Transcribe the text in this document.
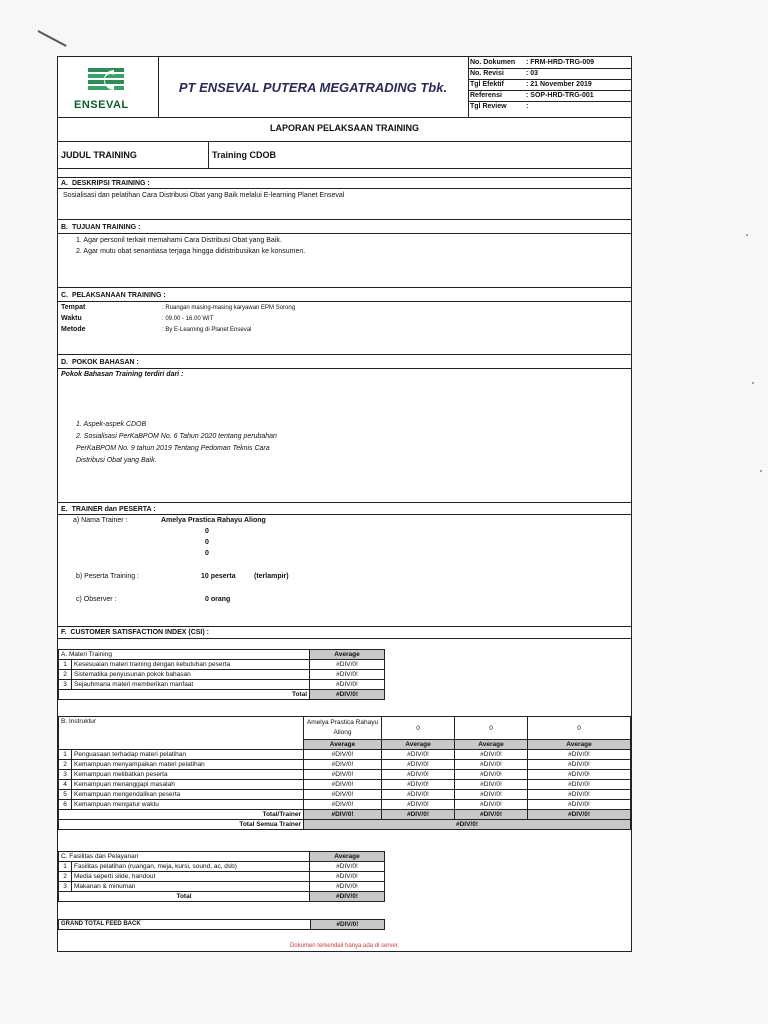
ENSEVAL
PT ENSEVAL PUTERA MEGATRADING Tbk.
No. Dokumen : FRM-HRD-TRG-009
No. Revisi	: 03
Tgl Efektif	: 21 November 2019
Referensi	: SOP-HRD-TRG-001
Tgl Review	:
LAPORAN PELAKSAAN TRAINING
JUDUL TRAINING	Training CDOB
A. DESKRIPSI TRAINING :
Sosialisasi dan pelatihan Cara Distribusi Obat yang Baik melalui E-learning Planet Enseval
B. TUJUAN TRAINING :
1. Agar personil terkait memahami Cara Distribusi Obat yang Baik.
2. Agar mutu obat senantiasa terjaga hingga didistribusikan ke konsumen.
C. PELAKSANAAN TRAINING :
Tempat	: Ruangan masing-masing karyawan EPM Sorong
Waktu	: 09.00 - 16.00 WIT
Metode	: By E-Learning di Planet Enseval
D. POKOK BAHASAN :
Pokok Bahasan Training terdiri dari :
1. Aspek-aspek CDOB
2. Sosialisasi PerKaBPOM No. 6 Tahun 2020 tentang perubahan
PerKaBPOM No. 9 tahun 2019 Tentang Pedoman Teknis Cara
Distribusi Obat yang Baik.
E. TRAINER dan PESERTA :
a) Nama Trainer :	Amelya Prastica Rahayu Aliong
0
0
0
b) Peserta Training :	10 peserta	(terlampir)
c) Observer :	0 orang
F. CUSTOMER SATISFACTION INDEX (CSI) :
A. Materi Training		Average
1	Kesesuaian materi training dengan kebutuhan peserta	#DIV/0!
2	Sistematika penyusunan pokok bahasan	#DIV/0!
3	Sejauhmana materi memberikan manfaat	#DIV/0!
Total		#DIV/0!
B. Instruktur		Amelya Prastica Rahayu Aliong	0	0	0
		Average	Average	Average	Average
1	Penguasaan terhadap materi pelatihan	#DIV/0!	#DIV/0!	#DIV/0!	#DIV/0!
2	Kemampuan menyampaikan materi pelatihan	#DIV/0!	#DIV/0!	#DIV/0!	#DIV/0!
3	Kemampuan melibatkan peserta	#DIV/0!	#DIV/0!	#DIV/0!	#DIV/0!
4	Kemampuan menanggapi masalah	#DIV/0!	#DIV/0!	#DIV/0!	#DIV/0!
5	Kemampuan mengendalikan peserta	#DIV/0!	#DIV/0!	#DIV/0!	#DIV/0!
6	Kemampuan mengatur waktu	#DIV/0!	#DIV/0!	#DIV/0!	#DIV/0!
Total/Trainer		#DIV/0!	#DIV/0!	#DIV/0!	#DIV/0!
Total Semua Trainer		#DIV/0!			
C. Fasilitas dan Pelayanan		Average
1	Fasilitas pelatihan (ruangan, meja, kursi, sound, ac, dsb)	#DIV/0!
2	Media seperti slide, handout	#DIV/0!
3	Makanan & minuman	#DIV/0!
Total		#DIV/0!
GRAND TOTAL FEED BACK	#DIV/0!
Dokumen terkendali hanya ada di server.
